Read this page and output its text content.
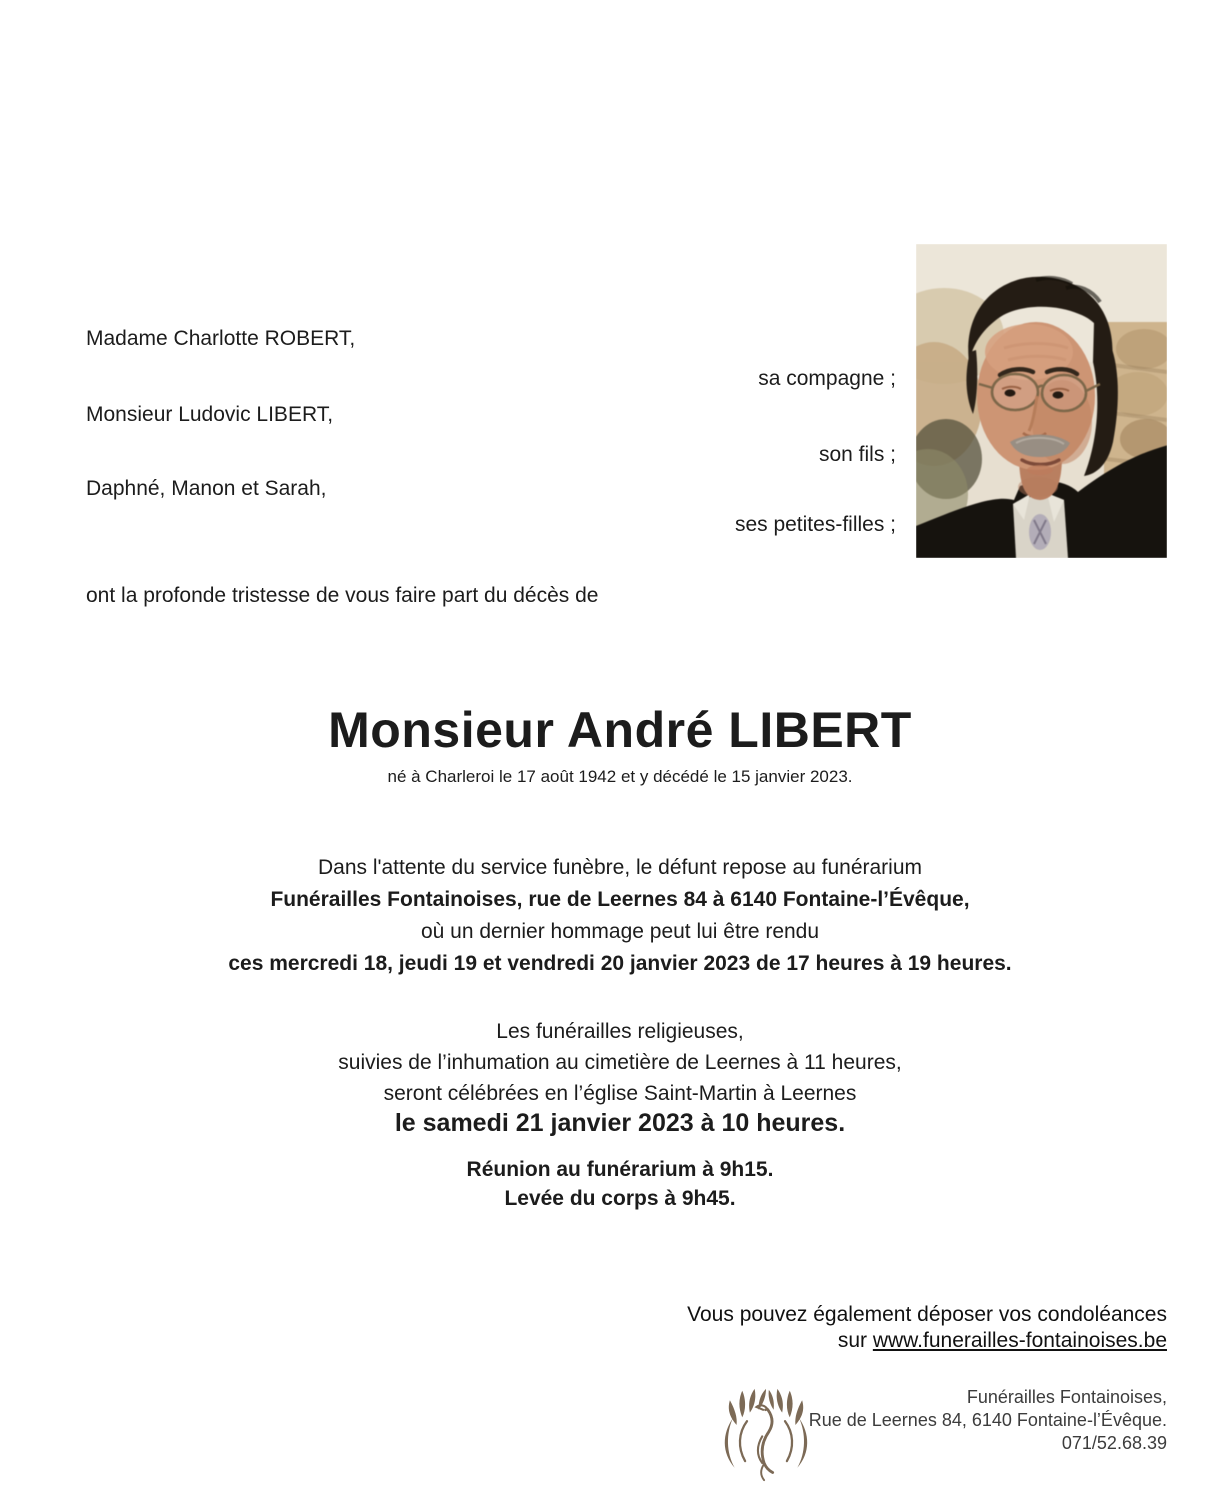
Madame Charlotte ROBERT,
sa compagne ;
Monsieur Ludovic LIBERT,
son fils ;
Daphné, Manon et Sarah,
ses petites-filles ;
ont la profonde tristesse de vous faire part du décès de
Monsieur André LIBERT
né à Charleroi le 17 août 1942 et y décédé le 15 janvier 2023.
Dans l'attente du service funèbre, le défunt repose au funérarium
Funérailles Fontainoises, rue de Leernes 84 à 6140 Fontaine-l’Évêque,
où un dernier hommage peut lui être rendu
ces mercredi 18, jeudi 19 et vendredi 20 janvier 2023 de 17 heures à 19 heures.
Les funérailles religieuses,
suivies de l’inhumation au cimetière de Leernes à 11 heures,
seront célébrées en l’église Saint-Martin à Leernes
le samedi 21 janvier 2023 à 10 heures.
Réunion au funérarium à 9h15.
Levée du corps à 9h45.
Vous pouvez également déposer vos condoléances
sur www.funerailles-fontainoises.be
Funérailles Fontainoises,
Rue de Leernes 84, 6140 Fontaine-l’Évêque.
071/52.68.39
